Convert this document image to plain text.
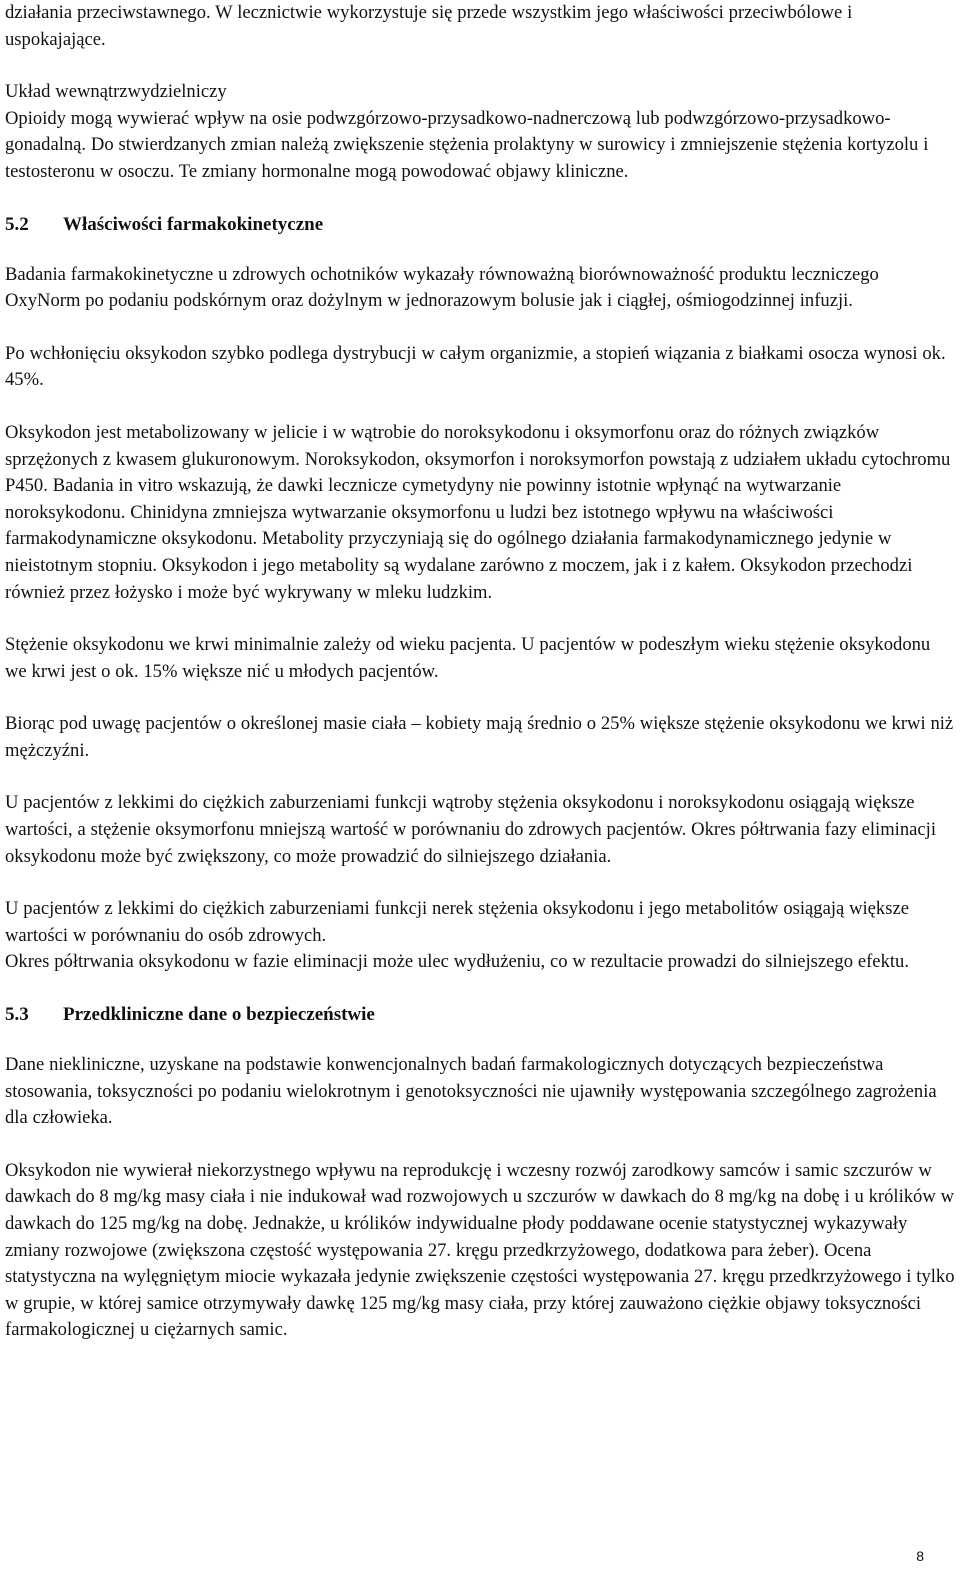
działania przeciwstawnego. W lecznictwie wykorzystuje się przede wszystkim jego właściwości przeciwbólowe i uspokajające.

Układ wewnątrzwydzielniczy

Opioidy mogą wywierać wpływ na osie podwzgórzowo-przysadkowo-nadnerczową lub podwzgórzowo-przysadkowo-gonadalną. Do stwierdzanych zmian należą zwiększenie stężenia prolaktyny w surowicy i zmniejszenie stężenia kortyzolu i testosteronu w osoczu. Te zmiany hormonalne mogą powodować objawy kliniczne.

5.2 Właściwości farmakokinetyczne

Badania farmakokinetyczne u zdrowych ochotników wykazały równoważną biorównoważność produktu leczniczego OxyNorm po podaniu podskórnym oraz dożylnym w jednorazowym bolusie jak i ciągłej, ośmiogodzinnej infuzji.

Po wchłonięciu oksykodon szybko podlega dystrybucji w całym organizmie, a stopień wiązania z białkami osocza wynosi ok. 45%.

Oksykodon jest metabolizowany w jelicie i w wątrobie do noroksykodonu i oksymorfonu oraz do różnych związków sprzężonych z kwasem glukuronowym. Noroksykodon, oksymorfon i noroksymorfon powstają z udziałem układu cytochromu P450. Badania in vitro wskazują, że dawki lecznicze cymetydyny nie powinny istotnie wpłynąć na wytwarzanie noroksykodonu. Chinidyna zmniejsza wytwarzanie oksymorfonu u ludzi bez istotnego wpływu na właściwości farmakodynamiczne oksykodonu. Metabolity przyczyniają się do ogólnego działania farmakodynamicznego jedynie w nieistotnym stopniu. Oksykodon i jego metabolity są wydalane zarówno z moczem, jak i z kałem. Oksykodon przechodzi również przez łożysko i może być wykrywany w mleku ludzkim.

Stężenie oksykodonu we krwi minimalnie zależy od wieku pacjenta. U pacjentów w podeszłym wieku stężenie oksykodonu we krwi jest o ok. 15% większe nić u młodych pacjentów.

Biorąc pod uwagę pacjentów o określonej masie ciała – kobiety mają średnio o 25% większe stężenie oksykodonu we krwi niż mężczyźni.

U pacjentów z lekkimi do ciężkich zaburzeniami funkcji wątroby stężenia oksykodonu i noroksykodonu osiągają większe wartości, a stężenie oksymorfonu mniejszą wartość w porównaniu do zdrowych pacjentów. Okres półtrwania fazy eliminacji oksykodonu może być zwiększony, co może prowadzić do silniejszego działania.

U pacjentów z lekkimi do ciężkich zaburzeniami funkcji nerek stężenia oksykodonu i jego metabolitów osiągają większe wartości w porównaniu do osób zdrowych.

Okres półtrwania oksykodonu w fazie eliminacji może ulec wydłużeniu, co w rezultacie prowadzi do silniejszego efektu.

5.3 Przedkliniczne dane o bezpieczeństwie

Dane niekliniczne, uzyskane na podstawie konwencjonalnych badań farmakologicznych dotyczących bezpieczeństwa stosowania, toksyczności po podaniu wielokrotnym i genotoksyczności nie ujawniły występowania szczególnego zagrożenia dla człowieka.

Oksykodon nie wywierał niekorzystnego wpływu na reprodukcję i wczesny rozwój zarodkowy samców i samic szczurów w dawkach do 8 mg/kg masy ciała i nie indukował wad rozwojowych u szczurów w dawkach do 8 mg/kg na dobę i u królików w dawkach do 125 mg/kg na dobę. Jednakże, u królików indywidualne płody poddawane ocenie statystycznej wykazywały zmiany rozwojowe (zwiększona częstość występowania 27. kręgu przedkrzyżowego, dodatkowa para żeber). Ocena statystyczna na wylęgniętym miocie wykazała jedynie zwiększenie częstości występowania 27. kręgu przedkrzyżowego i tylko w grupie, w której samice otrzymywały dawkę 125 mg/kg masy ciała, przy której zauważono ciężkie objawy toksyczności farmakologicznej u ciężarnych samic.

8
